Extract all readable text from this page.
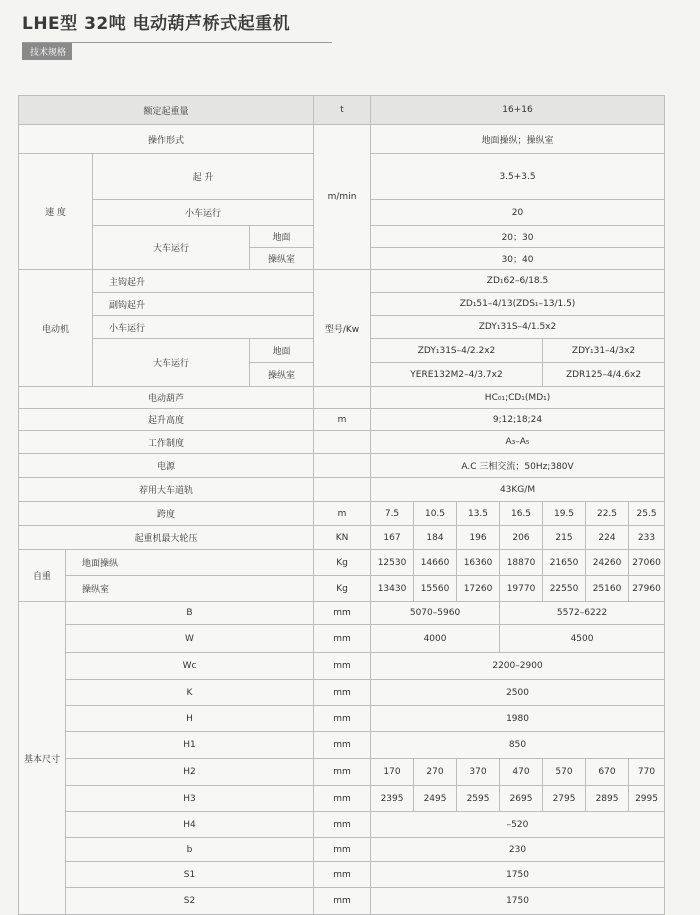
LHE型 32吨 电动葫芦桥式起重机
技术规格
额定起重量				t	16+16						
操作形式				m/min	地面操纵；操纵室						
速 度		起 升			3.5+3.5						
		小车运行			20						
		大车运行	地面		20；30						
			操纵室		30；40						
电动机		主钩起升		型号/Kw	ZD₁62–6/18.5						
		副钩起升			ZD₁51–4/13(ZDS₁–13/1.5)						
		小车运行			ZDY₁31S–4/1.5x2						
		大车运行	地面		ZDY₁31S–4/2.2x2				ZDY₁31–4/3x2		
			操纵室		YERE132M2–4/3.7x2				ZDR125–4/4.6x2		
电动葫芦					HC₀₁;CD₁(MD₁)						
起升高度				m	9;12;18;24						
工作制度					A₃–A₅						
电源					A.C 三相交流；50Hz;380V						
荐用大车道轨					43KG/M						
跨度				m	7.5	10.5	13.5	16.5	19.5	22.5	25.5
起重机最大轮压				KN	167	184	196	206	215	224	233
自重	地面操纵			Kg	12530	14660	16360	18870	21650	24260	27060
	操纵室			Kg	13430	15560	17260	19770	22550	25160	27960
基本尺寸	B			mm	5070–5960			5572–6222			
	W			mm	4000			4500			
	Wc			mm	2200–2900						
	K			mm	2500						
	H			mm	1980						
	H1			mm	850						
	H2			mm	170	270	370	470	570	670	770
	H3			mm	2395	2495	2595	2695	2795	2895	2995
	H4			mm	–520						
	b			mm	230						
	S1			mm	1750						
	S2			mm	1750						
